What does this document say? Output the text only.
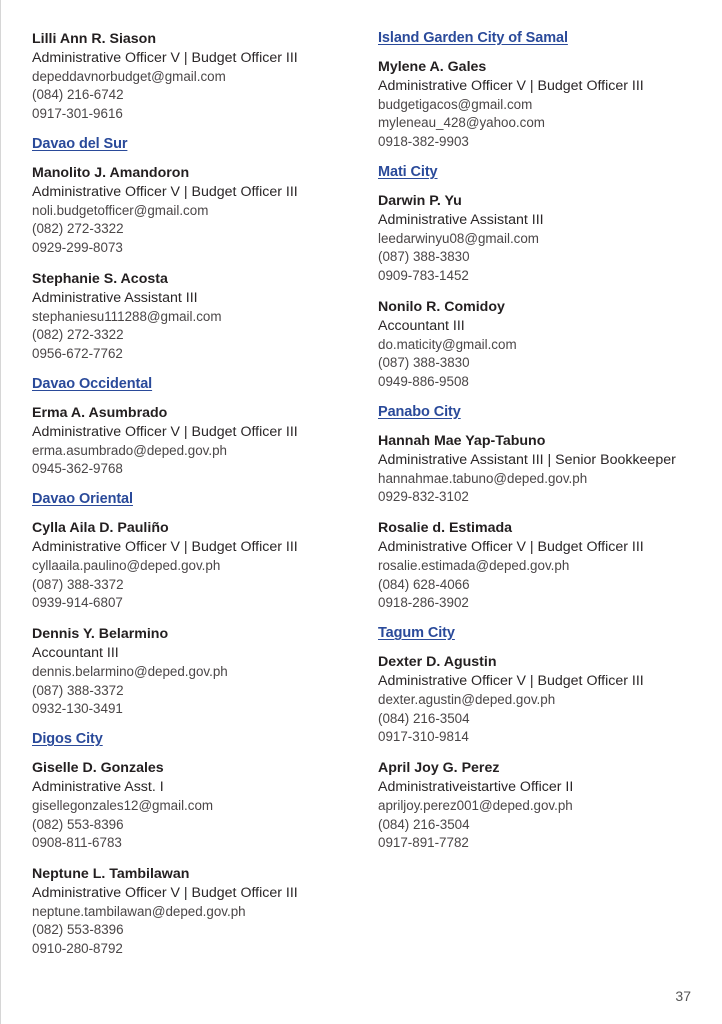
Lilli Ann R. Siason
Administrative Officer V | Budget Officer III
depeddavnorbudget@gmail.com
(084) 216-6742
0917-301-9616
Davao del Sur
Manolito J. Amandoron
Administrative Officer V | Budget Officer III
noli.budgetofficer@gmail.com
(082) 272-3322
0929-299-8073
Stephanie S. Acosta
Administrative Assistant III
stephaniesu111288@gmail.com
(082) 272-3322
0956-672-7762
Davao Occidental
Erma A. Asumbrado
Administrative Officer V | Budget Officer III
erma.asumbrado@deped.gov.ph
0945-362-9768
Davao Oriental
Cylla Aila D. Pauliño
Administrative Officer V | Budget Officer III
cyllaaila.paulino@deped.gov.ph
(087) 388-3372
0939-914-6807
Dennis Y. Belarmino
Accountant III
dennis.belarmino@deped.gov.ph
(087) 388-3372
0932-130-3491
Digos City
Giselle D. Gonzales
Administrative Asst. I
gisellegonzales12@gmail.com
(082) 553-8396
0908-811-6783
Neptune L. Tambilawan
Administrative Officer V | Budget Officer III
neptune.tambilawan@deped.gov.ph
(082) 553-8396
0910-280-8792
Island Garden City of Samal
Mylene A. Gales
Administrative Officer V | Budget Officer III
budgetigacos@gmail.com
myleneau_428@yahoo.com
0918-382-9903
Mati City
Darwin P. Yu
Administrative Assistant III
leedarwinyu08@gmail.com
(087) 388-3830
0909-783-1452
Nonilo R. Comidoy
Accountant III
do.maticity@gmail.com
(087) 388-3830
0949-886-9508
Panabo City
Hannah Mae Yap-Tabuno
Administrative Assistant III | Senior Bookkeeper
hannahmae.tabuno@deped.gov.ph
0929-832-3102
Rosalie d. Estimada
Administrative Officer V | Budget Officer III
rosalie.estimada@deped.gov.ph
(084) 628-4066
0918-286-3902
Tagum City
Dexter D. Agustin
Administrative Officer V | Budget Officer III
dexter.agustin@deped.gov.ph
(084) 216-3504
0917-310-9814
April Joy G. Perez
Administrativeistartive Officer II
apriljoy.perez001@deped.gov.ph
(084) 216-3504
0917-891-7782
37
